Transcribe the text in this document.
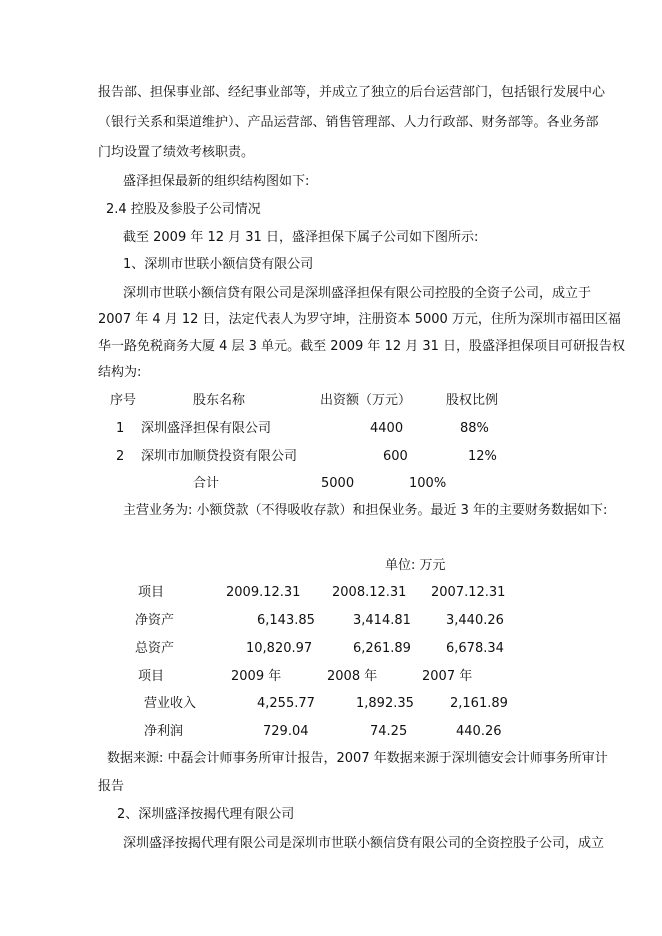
报告部、担保事业部、经纪事业部等，并成立了独立的后台运营部门，包括银行发展中心
（银行关系和渠道维护）、产品运营部、销售管理部、人力行政部、财务部等。各业务部
门均设置了绩效考核职责。
盛泽担保最新的组织结构图如下:
2.4 控股及参股子公司情况
截至 2009 年 12 月 31 日，盛泽担保下属子公司如下图所示:
1、深圳市世联小额信贷有限公司
深圳市世联小额信贷有限公司是深圳盛泽担保有限公司控股的全资子公司，成立于
2007 年 4 月 12 日，法定代表人为罗守坤，注册资本 5000 万元，住所为深圳市福田区福
华一路免税商务大厦 4 层 3 单元。截至 2009 年 12 月 31 日，股盛泽担保项目可研报告权
结构为:
序号	股东名称	出资额（万元）	股权比例
1 深圳盛泽担保有限公司	4400	88%
2 深圳市加顺贷投资有限公司	600	12%
合计	5000	100%
主营业务为: 小额贷款（不得吸收存款）和担保业务。最近 3 年的主要财务数据如下:
单位: 万元
项目	2009.12.31 2008.12.31 2007.12.31
净资产	6,143.85	3,414.81	3,440.26
总资产	10,820.97	6,261.89	6,678.34
项目	2009 年	2008 年	2007 年
营业收入	4,255.77	1,892.35	2,161.89
净利润	729.04	74.25	440.26
数据来源: 中磊会计师事务所审计报告，2007 年数据来源于深圳德安会计师事务所审计
报告
2、深圳盛泽按揭代理有限公司
深圳盛泽按揭代理有限公司是深圳市世联小额信贷有限公司的全资控股子公司，成立
